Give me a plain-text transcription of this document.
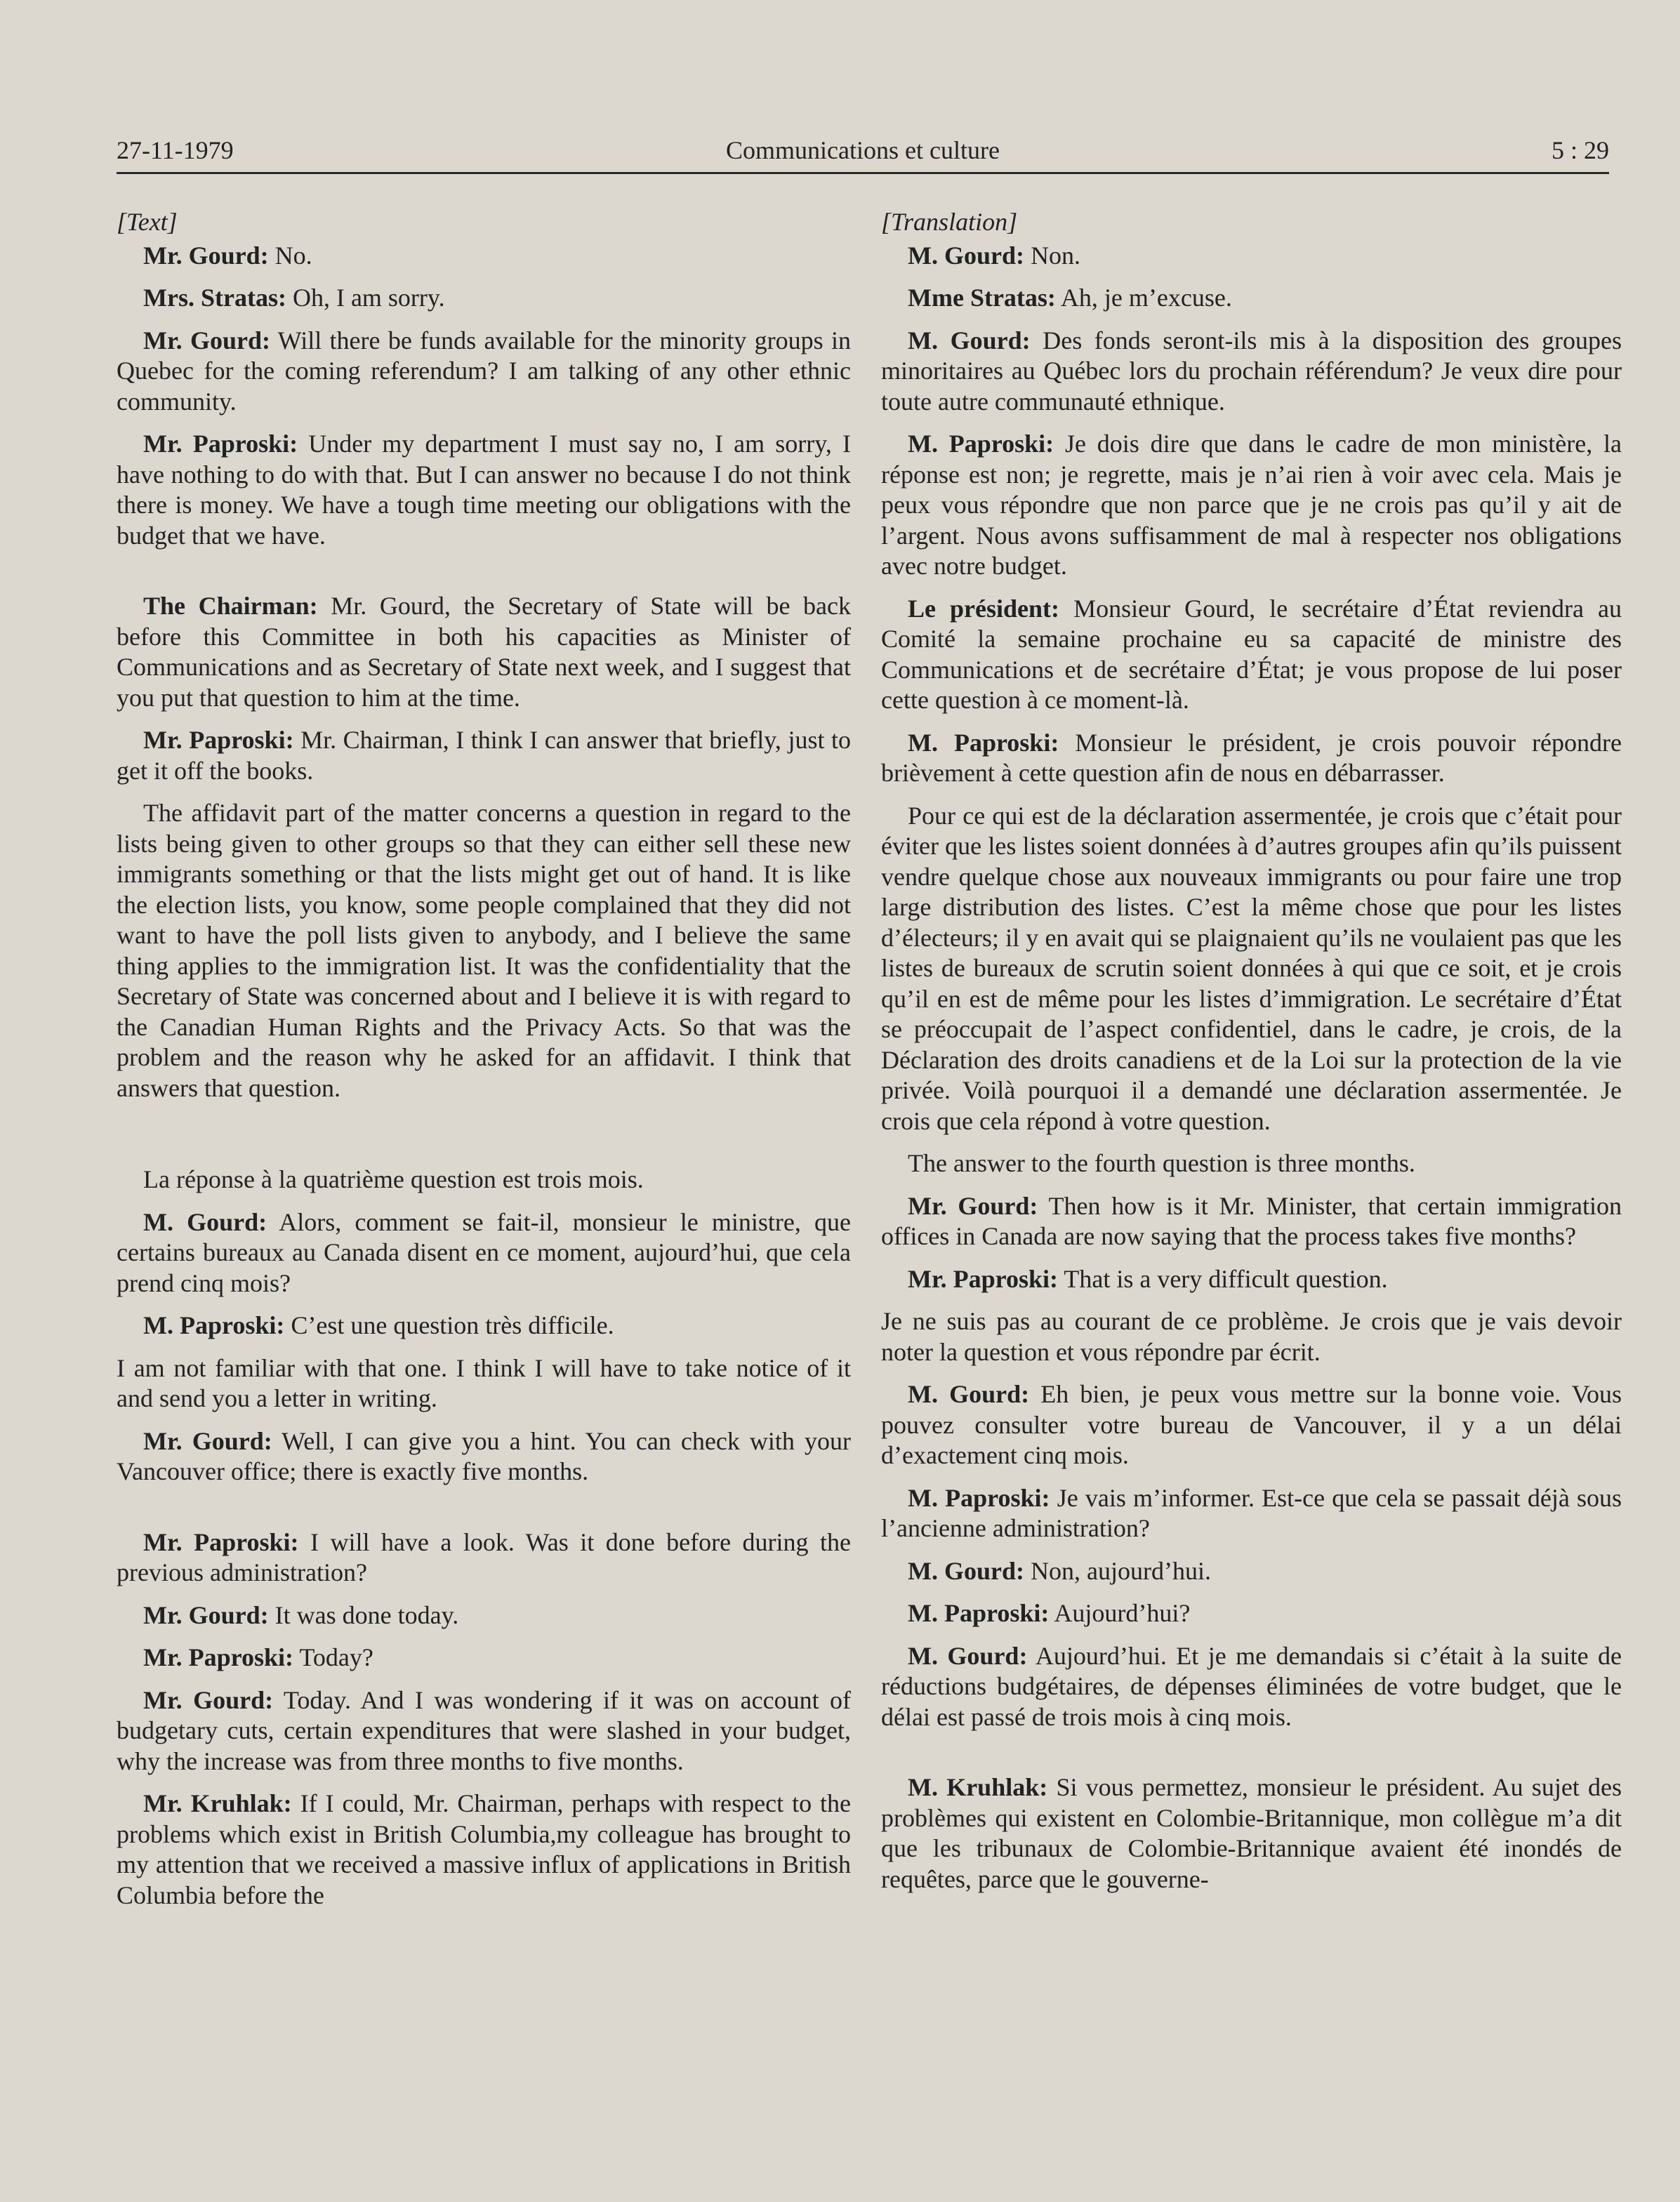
27-11-1979	Communications et culture	5 : 29

[Text]

Mr. Gourd: No.

Mrs. Stratas: Oh, I am sorry.

Mr. Gourd: Will there be funds available for the minority groups in Quebec for the coming referendum? I am talking of any other ethnic community.

Mr. Paproski: Under my department I must say no, I am sorry, I have nothing to do with that. But I can answer no because I do not think there is money. We have a tough time meeting our obligations with the budget that we have.

The Chairman: Mr. Gourd, the Secretary of State will be back before this Committee in both his capacities as Minister of Communications and as Secretary of State next week, and I suggest that you put that question to him at the time.

Mr. Paproski: Mr. Chairman, I think I can answer that briefly, just to get it off the books.

The affidavit part of the matter concerns a question in regard to the lists being given to other groups so that they can either sell these new immigrants something or that the lists might get out of hand. It is like the election lists, you know, some people complained that they did not want to have the poll lists given to anybody, and I believe the same thing applies to the immigration list. It was the confidentiality that the Secretary of State was concerned about and I believe it is with regard to the Canadian Human Rights and the Privacy Acts. So that was the problem and the reason why he asked for an affidavit. I think that answers that question.

La réponse à la quatrième question est trois mois.

M. Gourd: Alors, comment se fait-il, monsieur le ministre, que certains bureaux au Canada disent en ce moment, aujourd’hui, que cela prend cinq mois?

M. Paproski: C’est une question très difficile.

I am not familiar with that one. I think I will have to take notice of it and send you a letter in writing.

Mr. Gourd: Well, I can give you a hint. You can check with your Vancouver office; there is exactly five months.

Mr. Paproski: I will have a look. Was it done before during the previous administration?

Mr. Gourd: It was done today.

Mr. Paproski: Today?

Mr. Gourd: Today. And I was wondering if it was on account of budgetary cuts, certain expenditures that were slashed in your budget, why the increase was from three months to five months.

Mr. Kruhlak: If I could, Mr. Chairman, perhaps with respect to the problems which exist in British Columbia,my colleague has brought to my attention that we received a massive influx of applications in British Columbia before the

[Translation]

M. Gourd: Non.

Mme Stratas: Ah, je m’excuse.

M. Gourd: Des fonds seront-ils mis à la disposition des groupes minoritaires au Québec lors du prochain référendum? Je veux dire pour toute autre communauté ethnique.

M. Paproski: Je dois dire que dans le cadre de mon ministère, la réponse est non; je regrette, mais je n’ai rien à voir avec cela. Mais je peux vous répondre que non parce que je ne crois pas qu’il y ait de l’argent. Nous avons suffisamment de mal à respecter nos obligations avec notre budget.

Le président: Monsieur Gourd, le secrétaire d’État reviendra au Comité la semaine prochaine eu sa capacité de ministre des Communications et de secrétaire d’État; je vous propose de lui poser cette question à ce moment-là.

M. Paproski: Monsieur le président, je crois pouvoir répondre brièvement à cette question afin de nous en débarrasser.

Pour ce qui est de la déclaration assermentée, je crois que c’était pour éviter que les listes soient données à d’autres groupes afin qu’ils puissent vendre quelque chose aux nouveaux immigrants ou pour faire une trop large distribution des listes. C’est la même chose que pour les listes d’électeurs; il y en avait qui se plaignaient qu’ils ne voulaient pas que les listes de bureaux de scrutin soient données à qui que ce soit, et je crois qu’il en est de même pour les listes d’immigration. Le secrétaire d’État se préoccupait de l’aspect confidentiel, dans le cadre, je crois, de la Déclaration des droits canadiens et de la Loi sur la protection de la vie privée. Voilà pourquoi il a demandé une déclaration assermentée. Je crois que cela répond à votre question.

The answer to the fourth question is three months.

Mr. Gourd: Then how is it Mr. Minister, that certain immigration offices in Canada are now saying that the process takes five months?

Mr. Paproski: That is a very difficult question.

Je ne suis pas au courant de ce problème. Je crois que je vais devoir noter la question et vous répondre par écrit.

M. Gourd: Eh bien, je peux vous mettre sur la bonne voie. Vous pouvez consulter votre bureau de Vancouver, il y a un délai d’exactement cinq mois.

M. Paproski: Je vais m’informer. Est-ce que cela se passait déjà sous l’ancienne administration?

M. Gourd: Non, aujourd’hui.

M. Paproski: Aujourd’hui?

M. Gourd: Aujourd’hui. Et je me demandais si c’était à la suite de réductions budgétaires, de dépenses éliminées de votre budget, que le délai est passé de trois mois à cinq mois.

M. Kruhlak: Si vous permettez, monsieur le président. Au sujet des problèmes qui existent en Colombie-Britannique, mon collègue m’a dit que les tribunaux de Colombie-Britannique avaient été inondés de requêtes, parce que le gouverne-
